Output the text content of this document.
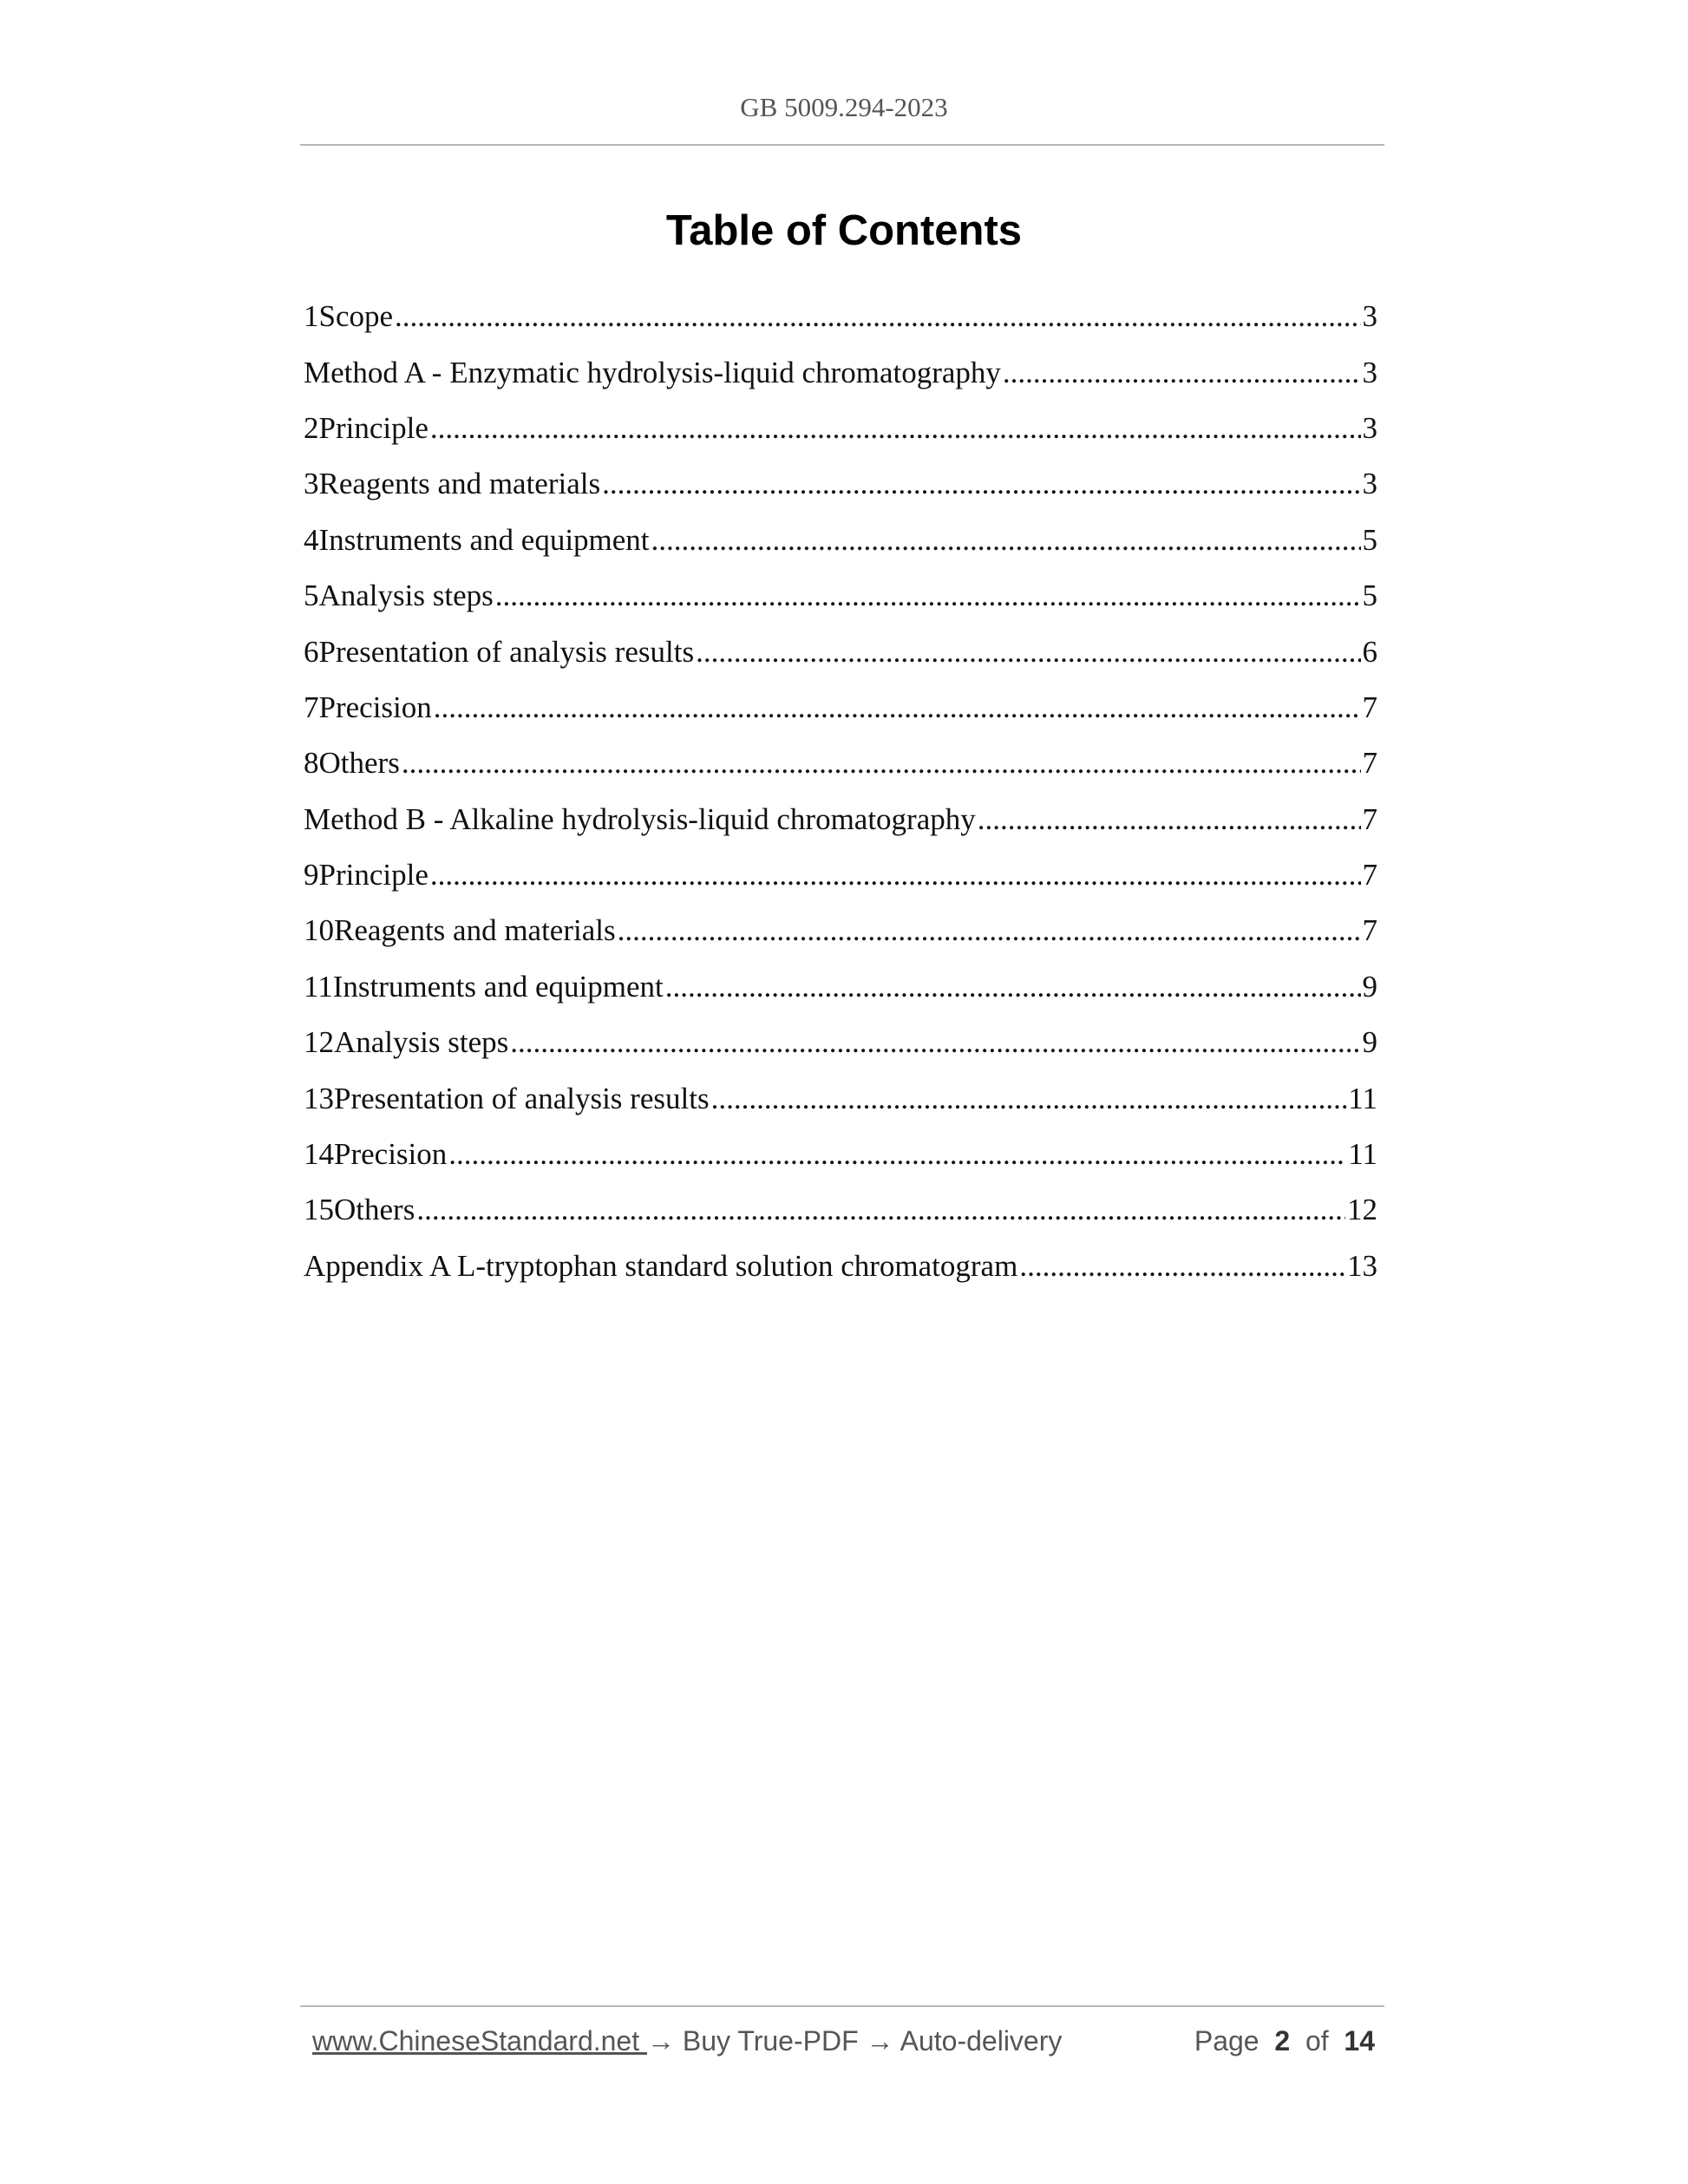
GB 5009.294-2023
Table of Contents
1 Scope .....	3
Method A - Enzymatic hydrolysis-liquid chromatography .....	3
2 Principle .....	3
3 Reagents and materials .....	3
4 Instruments and equipment .....	5
5 Analysis steps .....	5
6 Presentation of analysis results .....	6
7 Precision .....	7
8 Others .....	7
Method B - Alkaline hydrolysis-liquid chromatography .....	7
9 Principle .....	7
10 Reagents and materials .....	7
11 Instruments and equipment .....	9
12 Analysis steps .....	9
13 Presentation of analysis results .....	11
14 Precision .....	11
15 Others .....	12
Appendix A L-tryptophan standard solution chromatogram .....	13
www.ChineseStandard.net → Buy True-PDF → Auto-delivery	Page 2 of 14
